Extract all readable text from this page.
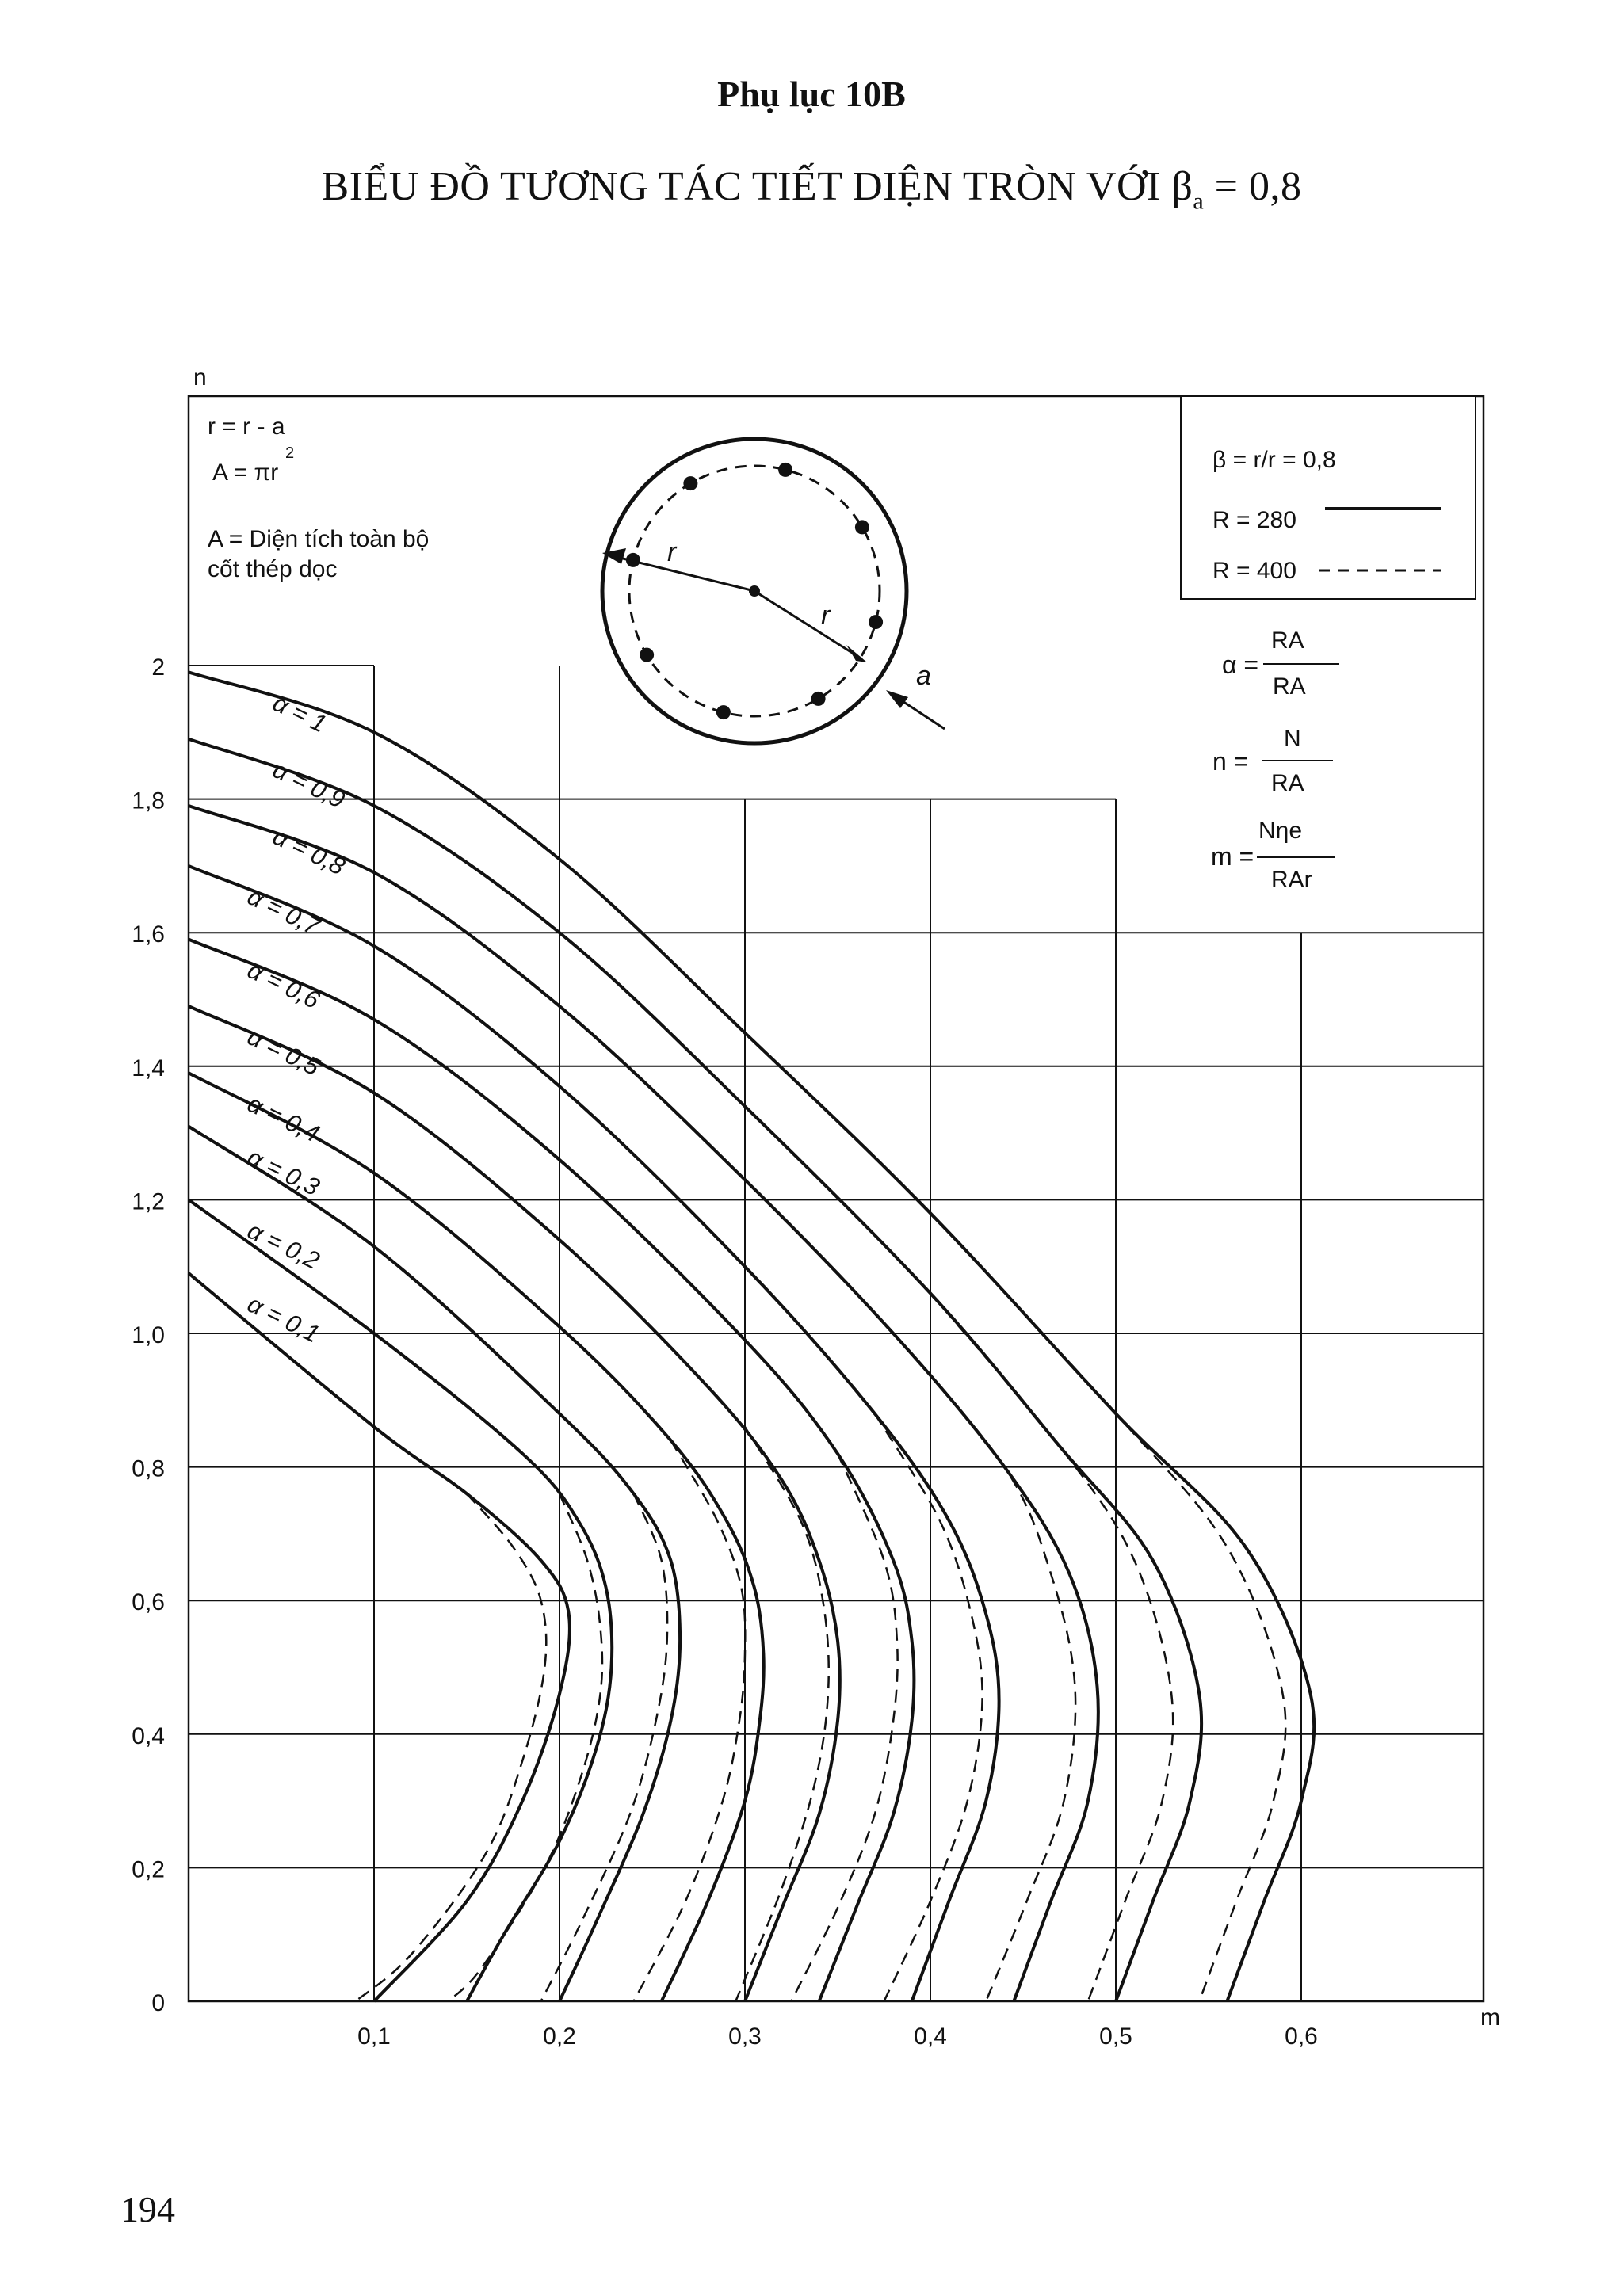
Phụ lục 10B
BIỂU ĐỒ TƯƠNG TÁC TIẾT DIỆN TRÒN VỚI $\beta_a = 0,8$
0
0,2
0,4
0,6
0,8
1,0
1,2
1,4
1,6
1,8
2
0,1	0,2	0,3	0,4	0,5	0,6
n
m
α = 1
α = 0,9
α = 0,8
α = 0,7
α = 0,6
α = 0,5
α = 0,4
α = 0,3
α = 0,2
α = 0,1
r = r - a
A = πr
2
A = Diện tích toàn bộ
cốt thép dọc
r
r
a
β = r/r = 0,8
R = 280
R = 400
α =
RA
RA
n =
N
RA
m =
Nηe
RAr
194
